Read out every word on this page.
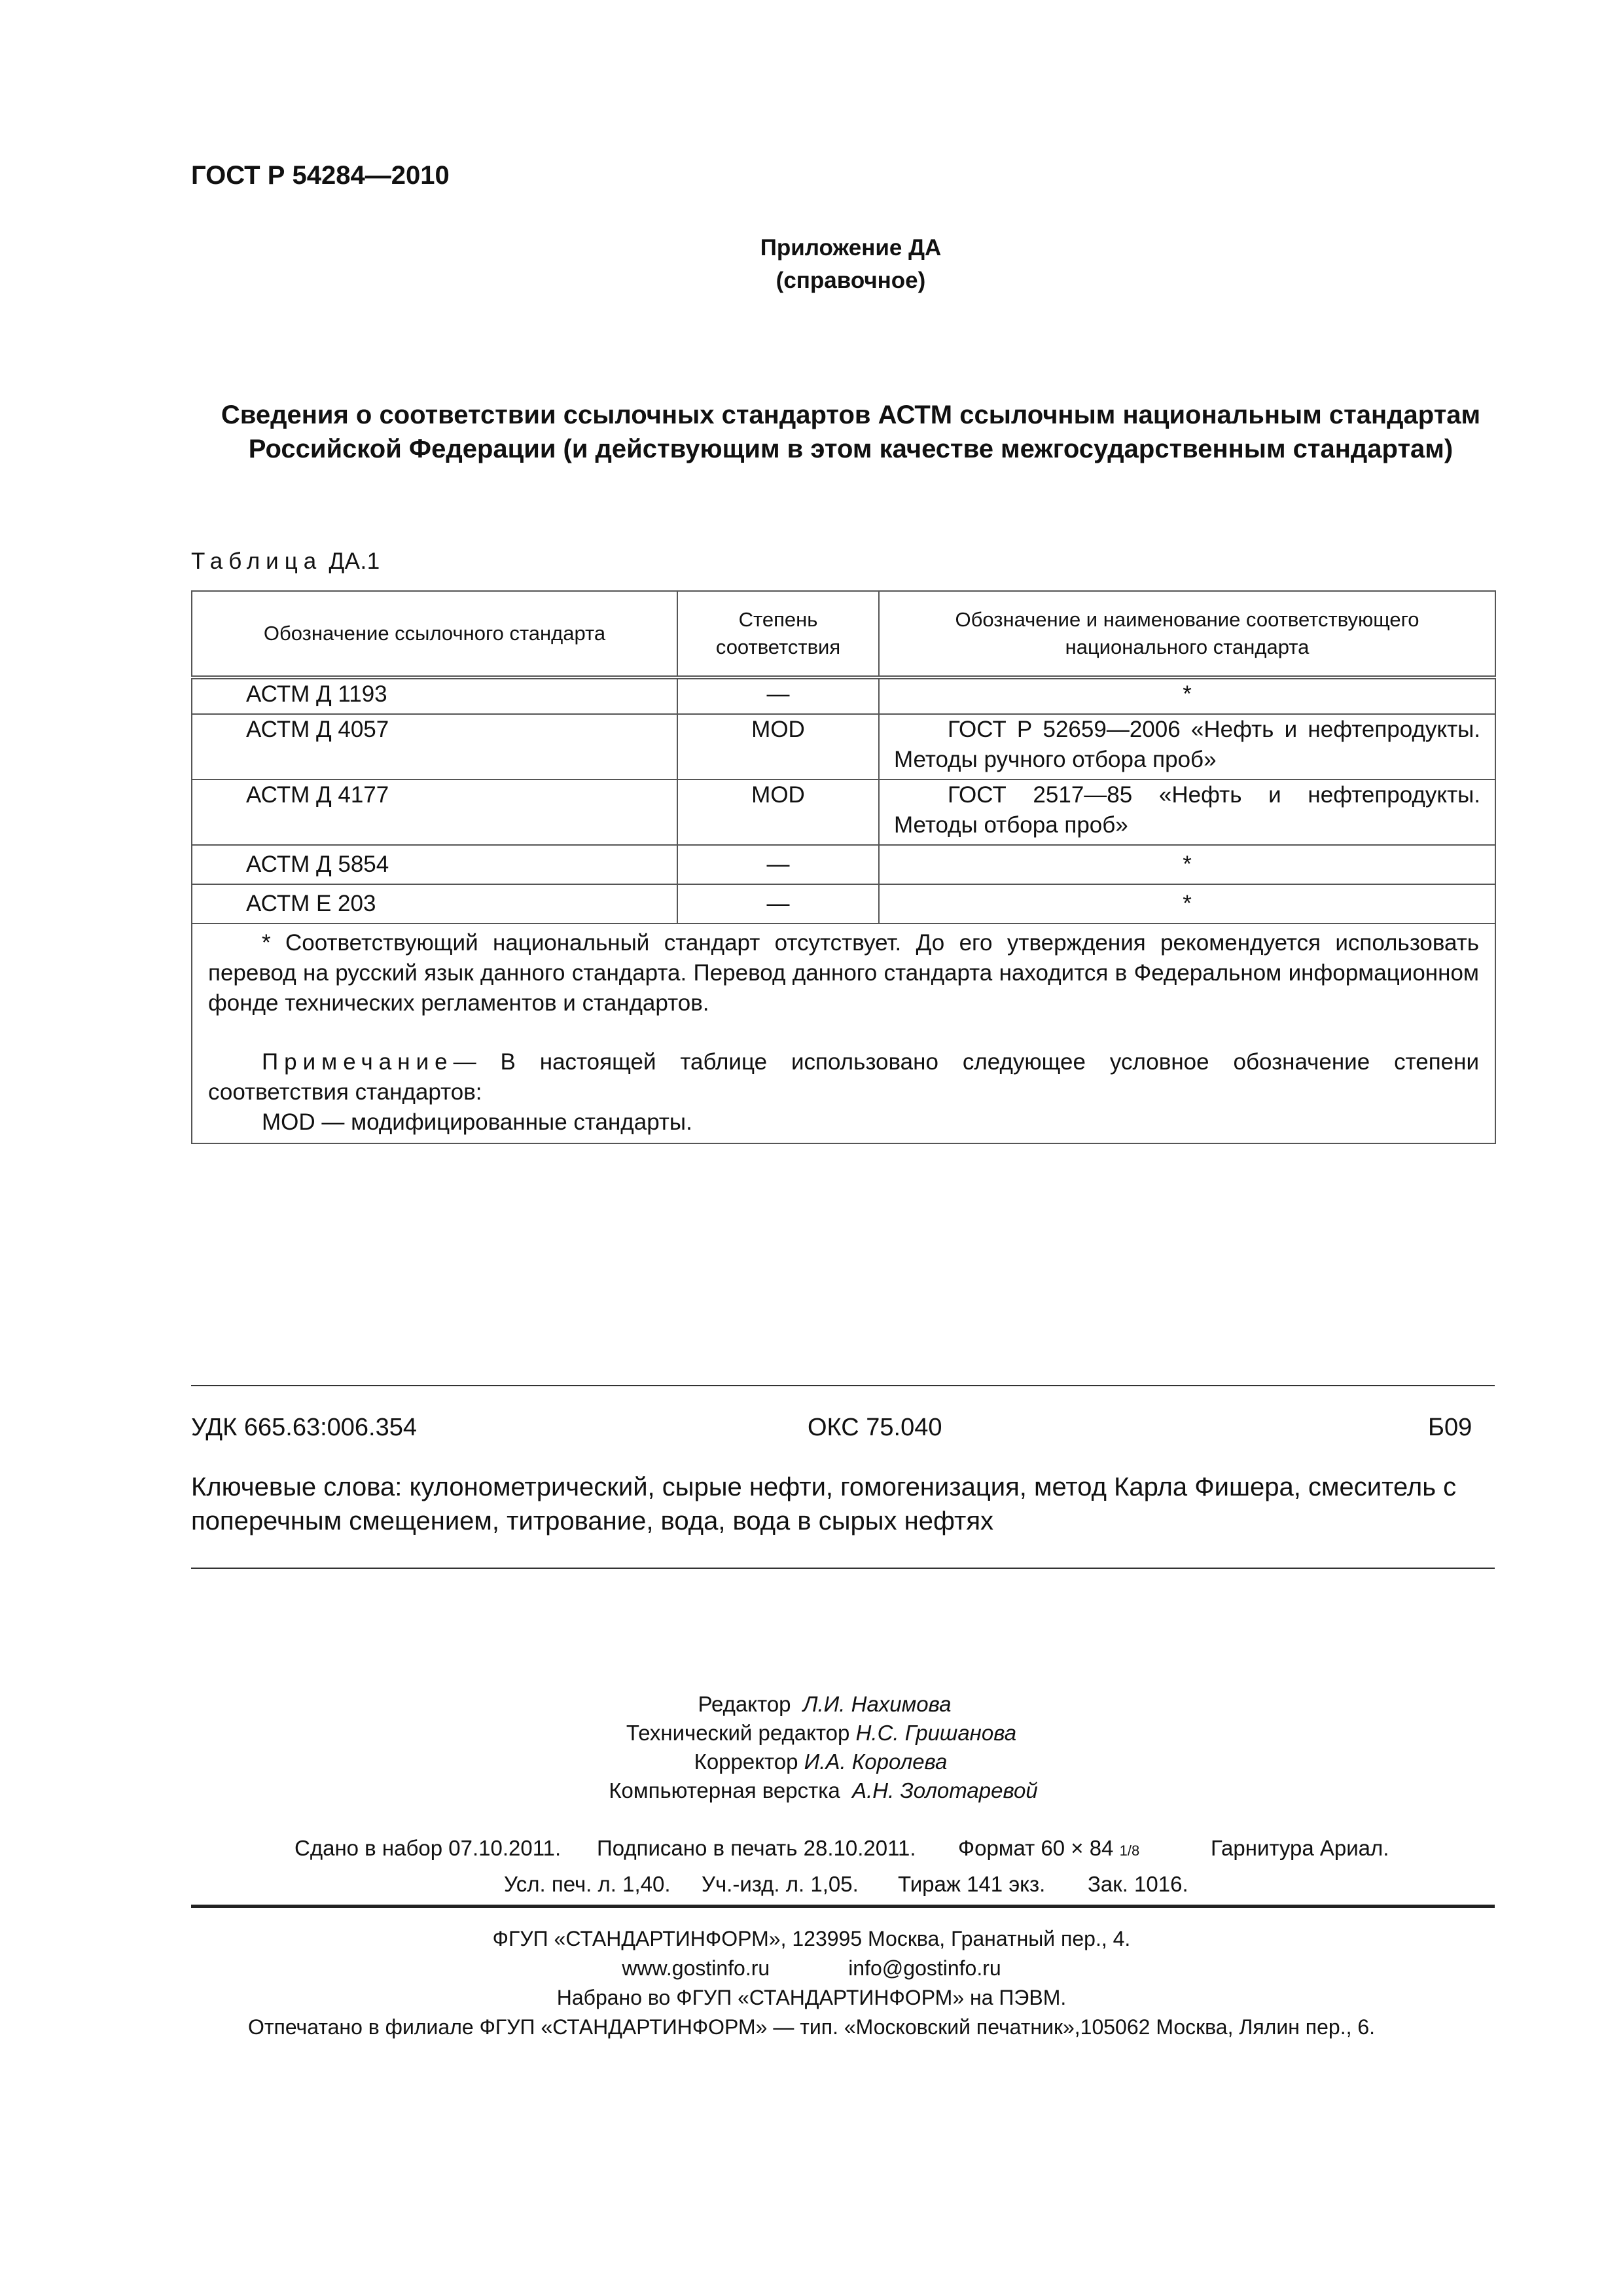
ГОСТ Р 54284—2010
Приложение ДА
(справочное)
Сведения о соответствии ссылочных стандартов АСТМ ссылочным национальным стандартам Российской Федерации (и действующим в этом качестве межгосударственным стандартам)
Таблица ДА.1
Обозначение ссылочного стандарта	Степень соответствия	Обозначение и наименование соответствующего национального стандарта
АСТМ Д 1193	—	*
АСТМ Д 4057	MOD	ГОСТ Р 52659—2006 «Нефть и нефтепродукты. Методы ручного отбора проб»
АСТМ Д 4177	MOD	ГОСТ 2517—85 «Нефть и нефтепродукты. Методы отбора проб»
АСТМ Д 5854	—	*
АСТМ Е 203	—	*

* Соответствующий национальный стандарт отсутствует. До его утверждения рекомендуется использовать перевод на русский язык данного стандарта. Перевод данного стандарта находится в Федеральном информационном фонде технических регламентов и стандартов.

Примечание— В настоящей таблице использовано следующее условное обозначение степени соответствия стандартов:

MOD — модифицированные стандарты.		

УДК 665.63:006.354	ОКС 75.040	Б09
Ключевые слова: кулонометрический, сырые нефти, гомогенизация, метод Карла Фишера, смеситель с поперечным смещением, титрование, вода, вода в сырых нефтях
Редактор Л.И. Нахимова
Технический редактор Н.С. Гришанова
Корректор И.А. Королева
Компьютерная верстка А.Н. Золотаревой
Сдано в набор 07.10.2011. Подписано в печать 28.10.2011. Формат 60 × 84 1/8	Гарнитура Ариал.
Усл. печ. л. 1,40. Уч.-изд. л. 1,05. Тираж 141 экз. Зак. 1016.
ФГУП «СТАНДАРТИНФОРМ», 123995 Москва, Гранатный пер., 4.
www.gostinfo.ru	info@gostinfo.ru
Набрано во ФГУП «СТАНДАРТИНФОРМ» на ПЭВМ.
Отпечатано в филиале ФГУП «СТАНДАРТИНФОРМ» — тип. «Московский печатник»,105062 Москва, Лялин пер., 6.
